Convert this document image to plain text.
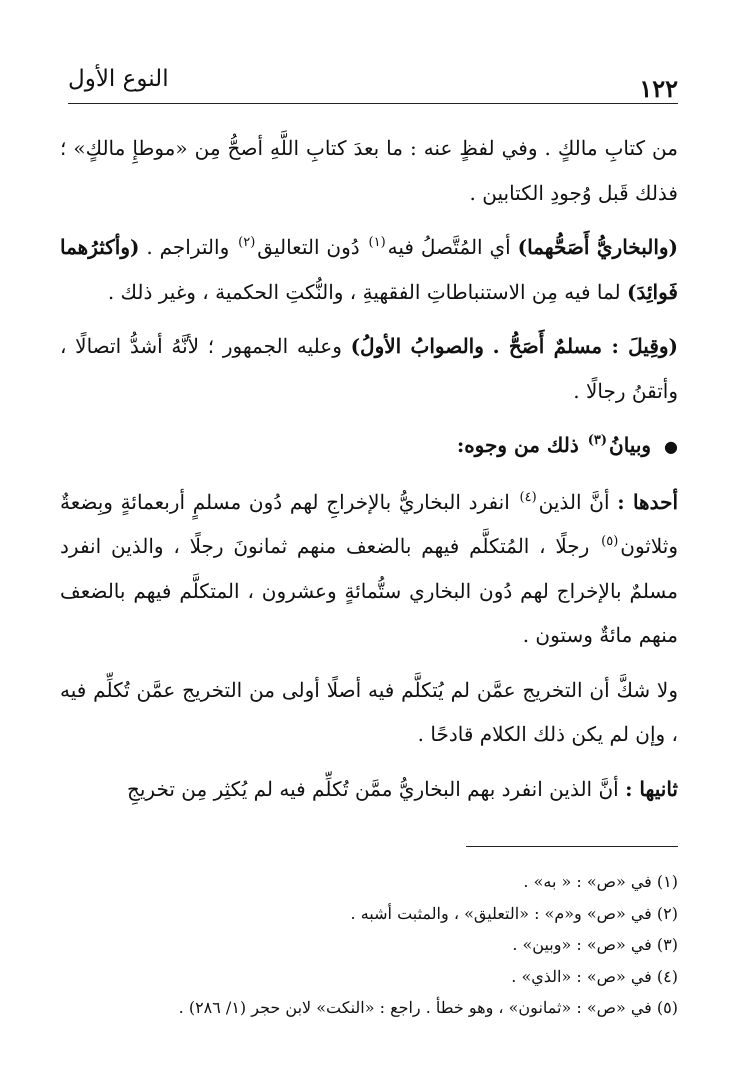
١٢٢
النوع الأول

من كتابِ مالكٍ . وفي لفظٍ عنه : ما بعدَ كتابِ اللَّهِ أصحُّ مِن «موطإِ مالكٍ» ؛ فذلك قَبل وُجودِ الكتابين .

(والبخاريُّ أَصَحُّهما) أي المُتَّصلُ فيه$^{(١)}$ دُون التعاليق$^{(٢)}$ والتراجم . (وأكثرُهما فَوائِدَ) لما فيه مِن الاستنباطاتِ الفقهيةِ ، والنُّكتِ الحكمية ، وغير ذلك .

(وقِيلَ : مسلمٌ أَصَحُّ . والصوابُ الأولُ) وعليه الجمهور ؛ لأنَّهُ أشدُّ اتصالًا ، وأتقنُ رجالًا .

● وبيانُ$^{(٣)}$ ذلك من وجوه:

أحدها : أنَّ الذين$^{(٤)}$ انفرد البخاريُّ بالإخراجِ لهم دُون مسلمٍ أربعمائةٍ وبِضعةٌ وثلاثون$^{(٥)}$ رجلًا ، المُتكلَّم فيهم بالضعف منهم ثمانونَ رجلًا ، والذين انفرد مسلمٌ بالإخراج لهم دُون البخاري ستُّمائةٍ وعشرون ، المتكلَّم فيهم بالضعف منهم مائةٌ وستون .

ولا شكَّ أن التخريج عمَّن لم يُتكلَّم فيه أصلًا أولى من التخريج عمَّن تُكلِّم فيه ، وإن لم يكن ذلك الكلام قادحًا .

ثانيها : أنَّ الذين انفرد بهم البخاريُّ ممَّن تُكلِّم فيه لم يُكثِر مِن تخريجِ

(١) في «ص» : « به» .

(٢) في «ص» و«م» : «التعليق» ، والمثبت أشبه .

(٣) في «ص» : «وبين» .

(٤) في «ص» : «الذي» .

(٥) في «ص» : «ثمانون» ، وهو خطأ . راجع : «النكت» لابن حجر (١/ ٢٨٦) .
